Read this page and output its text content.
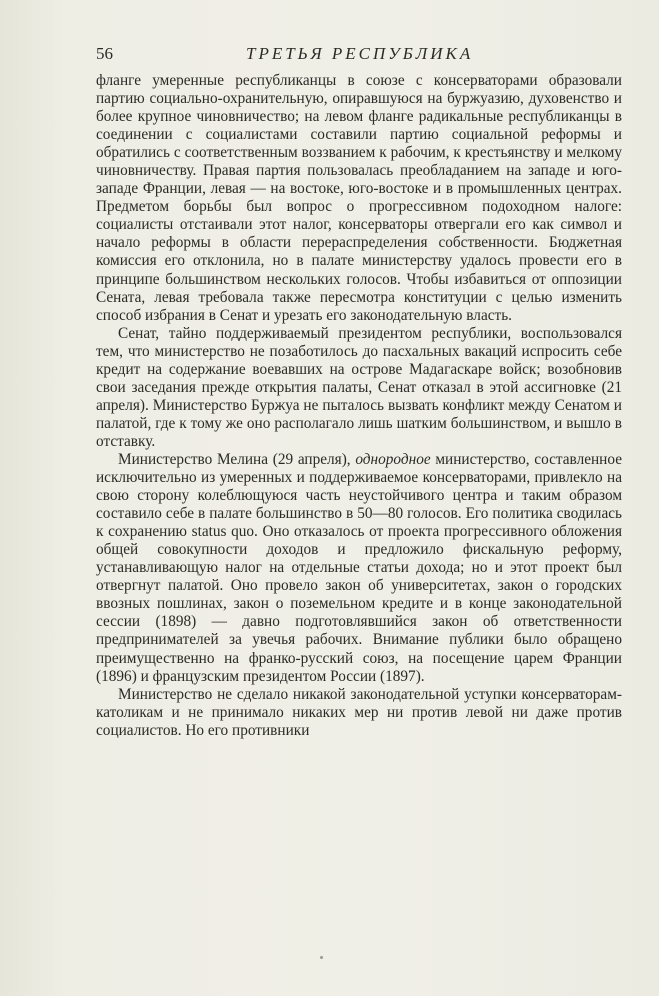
56	ТРЕТЬЯ РЕСПУБЛИКА

фланге умеренные республиканцы в союзе с консерваторами образовали партию социально-охранительную, опиравшуюся на буржуазию, духовенство и более крупное чиновничество; на левом фланге радикальные республиканцы в соединении с социалистами составили партию социальной реформы и обратились с соответственным воззванием к рабочим, к крестьянству и мелкому чиновничеству. Правая партия пользовалась преобладанием на западе и юго-западе Франции, левая — на востоке, юго-востоке и в промышленных центрах. Предметом борьбы был вопрос о прогрессивном подоходном налоге: социалисты отстаивали этот налог, консерваторы отвергали его как символ и начало реформы в области перераспределения собственности. Бюджетная комиссия его отклонила, но в палате министерству удалось провести его в принципе большинством нескольких голосов. Чтобы избавиться от оппозиции Сената, левая требовала также пересмотра конституции с целью изменить способ избрания в Сенат и урезать его законодательную власть.

Сенат, тайно поддерживаемый президентом республики, воспользовался тем, что министерство не позаботилось до пасхальных вакаций испросить себе кредит на содержание воевавших на острове Мадагаскаре войск; возобновив свои заседания прежде открытия палаты, Сенат отказал в этой ассигновке (21 апреля). Министерство Буржуа не пыталось вызвать конфликт между Сенатом и палатой, где к тому же оно располагало лишь шатким большинством, и вышло в отставку.

Министерство Мелина (29 апреля), однородное министерство, составленное исключительно из умеренных и поддерживаемое консерваторами, привлекло на свою сторону колеблющуюся часть неустойчивого центра и таким образом составило себе в палате большинство в 50—80 голосов. Его политика сводилась к сохранению status quo. Оно отказалось от проекта прогрессивного обложения общей совокупности доходов и предложило фискальную реформу, устанавливающую налог на отдельные статьи дохода; но и этот проект был отвергнут палатой. Оно провело закон об университетах, закон о городских ввозных пошлинах, закон о поземельном кредите и в конце законодательной сессии (1898) — давно подготовлявшийся закон об ответственности предпринимателей за увечья рабочих. Внимание публики было обращено преимущественно на франко-русский союз, на посещение царем Франции (1896) и французским президентом России (1897).

Министерство не сделало никакой законодательной уступки консерваторам-католикам и не принимало никаких мер ни против левой ни даже против социалистов. Но его противники
